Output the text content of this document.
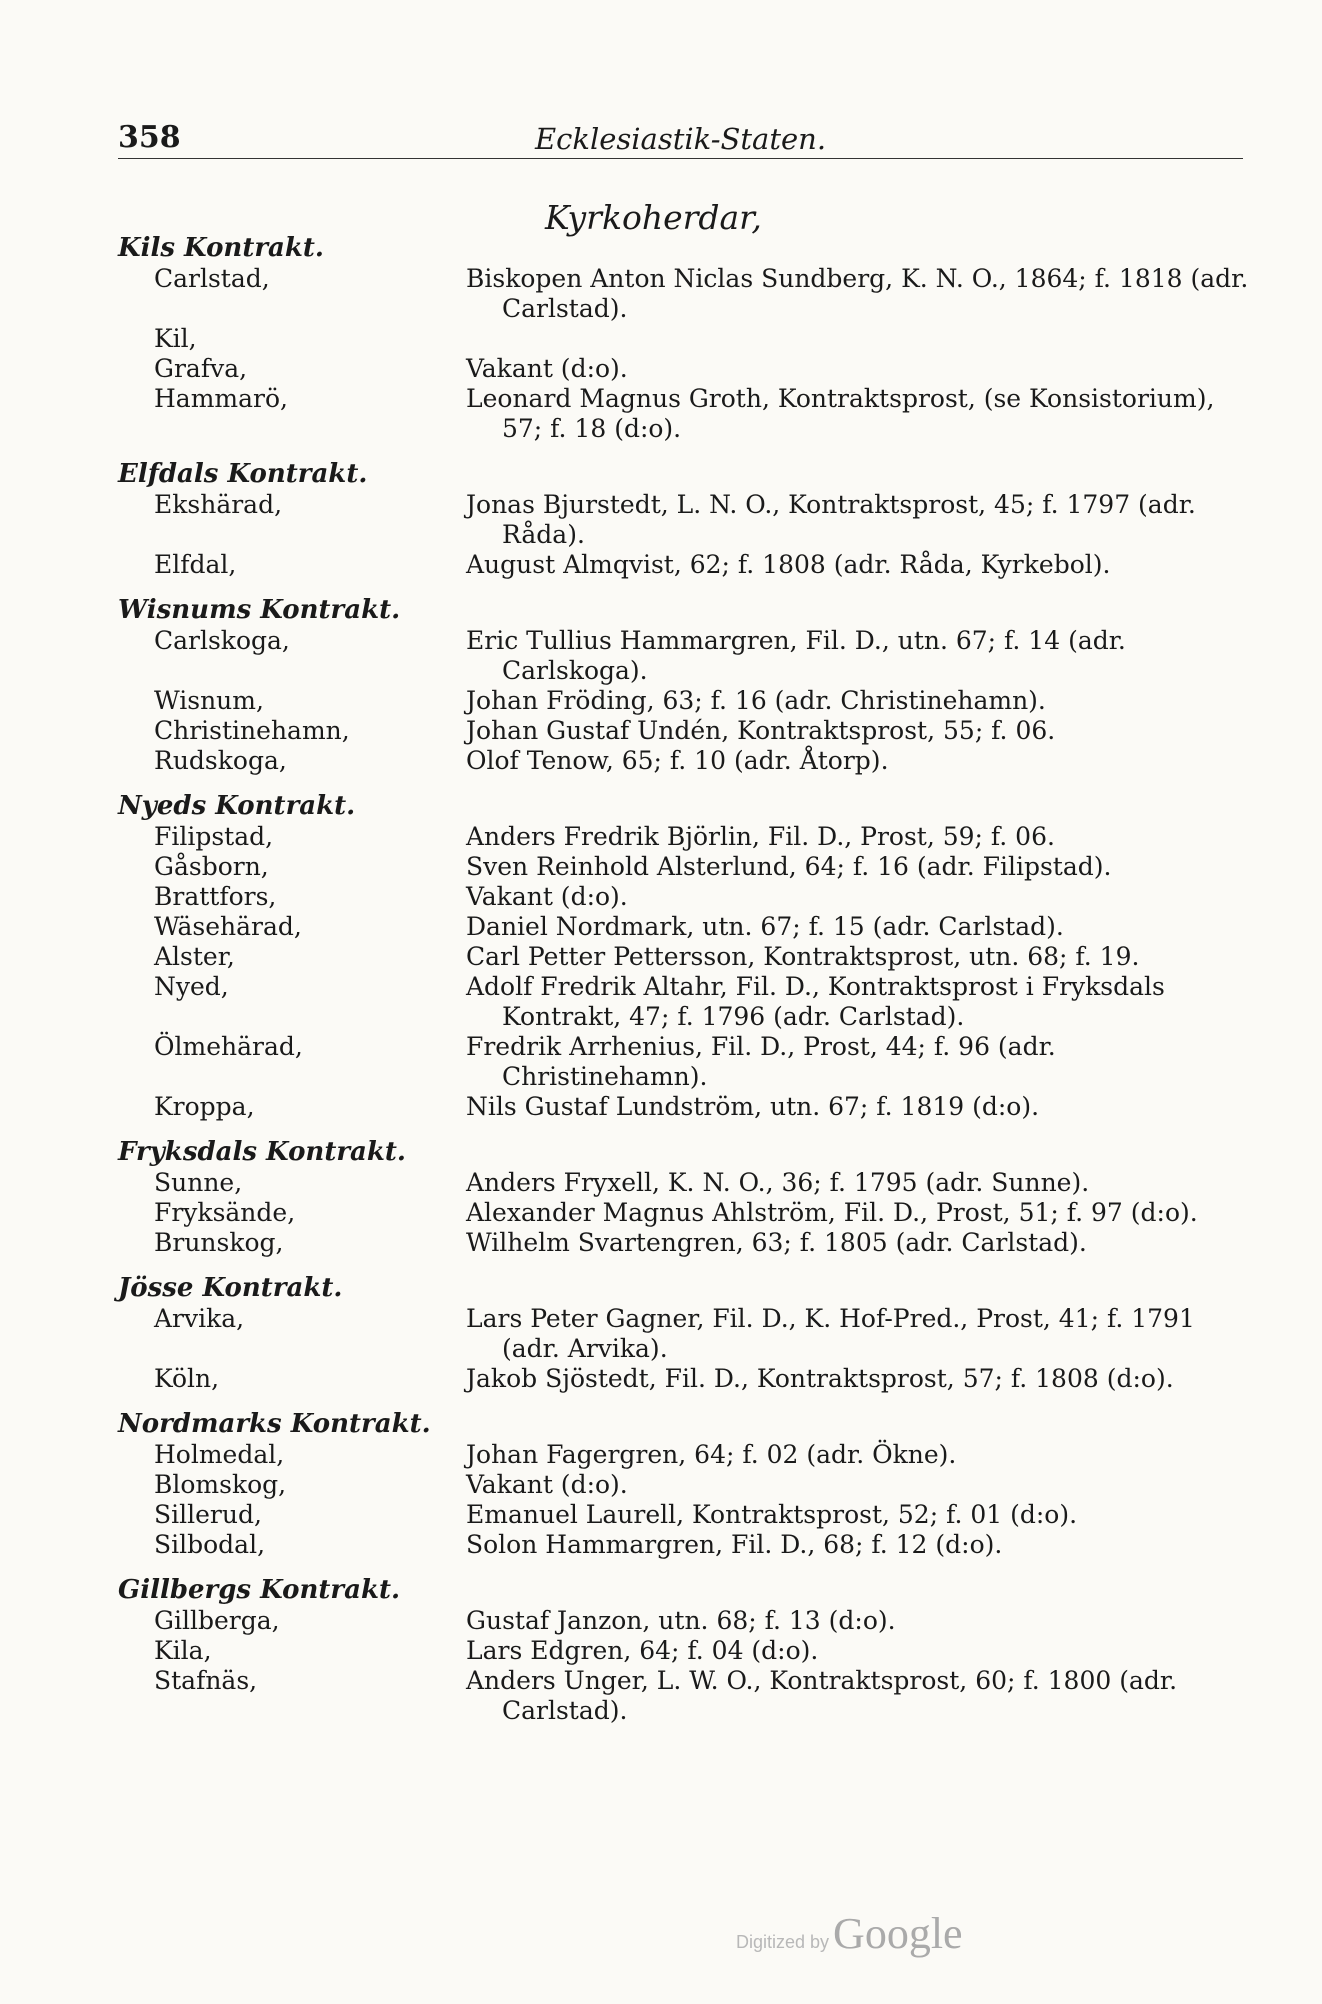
358	Ecklesiastik-Staten.
Kyrkoherdar,
Kils Kontrakt.
Carlstad,	Biskopen Anton Niclas Sundberg, K. N. O., 1864; f. 1818 (adr. Carlstad).
Kil,
Grafva,	Vakant (d:o).
Hammarö,	Leonard Magnus Groth, Kontraktsprost, (se Konsistorium), 57; f. 18 (d:o).
Elfdals Kontrakt.
Ekshärad,	Jonas Bjurstedt, L. N. O., Kontraktsprost, 45; f. 1797 (adr. Råda).
Elfdal,	August Almqvist, 62; f. 1808 (adr. Råda, Kyrkebol).
Wisnums Kontrakt.
Carlskoga,	Eric Tullius Hammargren, Fil. D., utn. 67; f. 14 (adr. Carlskoga).
Wisnum,	Johan Fröding, 63; f. 16 (adr. Christinehamn).
Christinehamn,	Johan Gustaf Undén, Kontraktsprost, 55; f. 06.
Rudskoga,	Olof Tenow, 65; f. 10 (adr. Åtorp).
Nyeds Kontrakt.
Filipstad,	Anders Fredrik Björlin, Fil. D., Prost, 59; f. 06.
Gåsborn,	Sven Reinhold Alsterlund, 64; f. 16 (adr. Filipstad).
Brattfors,	Vakant (d:o).
Wäsehärad,	Daniel Nordmark, utn. 67; f. 15 (adr. Carlstad).
Alster,	Carl Petter Pettersson, Kontraktsprost, utn. 68; f. 19.
Nyed,	Adolf Fredrik Altahr, Fil. D., Kontraktsprost i Fryksdals Kontrakt, 47; f. 1796 (adr. Carlstad).
Ölmehärad,	Fredrik Arrhenius, Fil. D., Prost, 44; f. 96 (adr. Christinehamn).
Kroppa,	Nils Gustaf Lundström, utn. 67; f. 1819 (d:o).
Fryksdals Kontrakt.
Sunne,	Anders Fryxell, K. N. O., 36; f. 1795 (adr. Sunne).
Fryksände,	Alexander Magnus Ahlström, Fil. D., Prost, 51; f. 97 (d:o).
Brunskog,	Wilhelm Svartengren, 63; f. 1805 (adr. Carlstad).
Jösse Kontrakt.
Arvika,	Lars Peter Gagner, Fil. D., K. Hof-Pred., Prost, 41; f. 1791 (adr. Arvika).
Köln,	Jakob Sjöstedt, Fil. D., Kontraktsprost, 57; f. 1808 (d:o).
Nordmarks Kontrakt.
Holmedal,	Johan Fagergren, 64; f. 02 (adr. Ökne).
Blomskog,	Vakant (d:o).
Sillerud,	Emanuel Laurell, Kontraktsprost, 52; f. 01 (d:o).
Silbodal,	Solon Hammargren, Fil. D., 68; f. 12 (d:o).
Gillbergs Kontrakt.
Gillberga,	Gustaf Janzon, utn. 68; f. 13 (d:o).
Kila,	Lars Edgren, 64; f. 04 (d:o).
Stafnäs,	Anders Unger, L. W. O., Kontraktsprost, 60; f. 1800 (adr. Carlstad).
Digitized byGoogle
